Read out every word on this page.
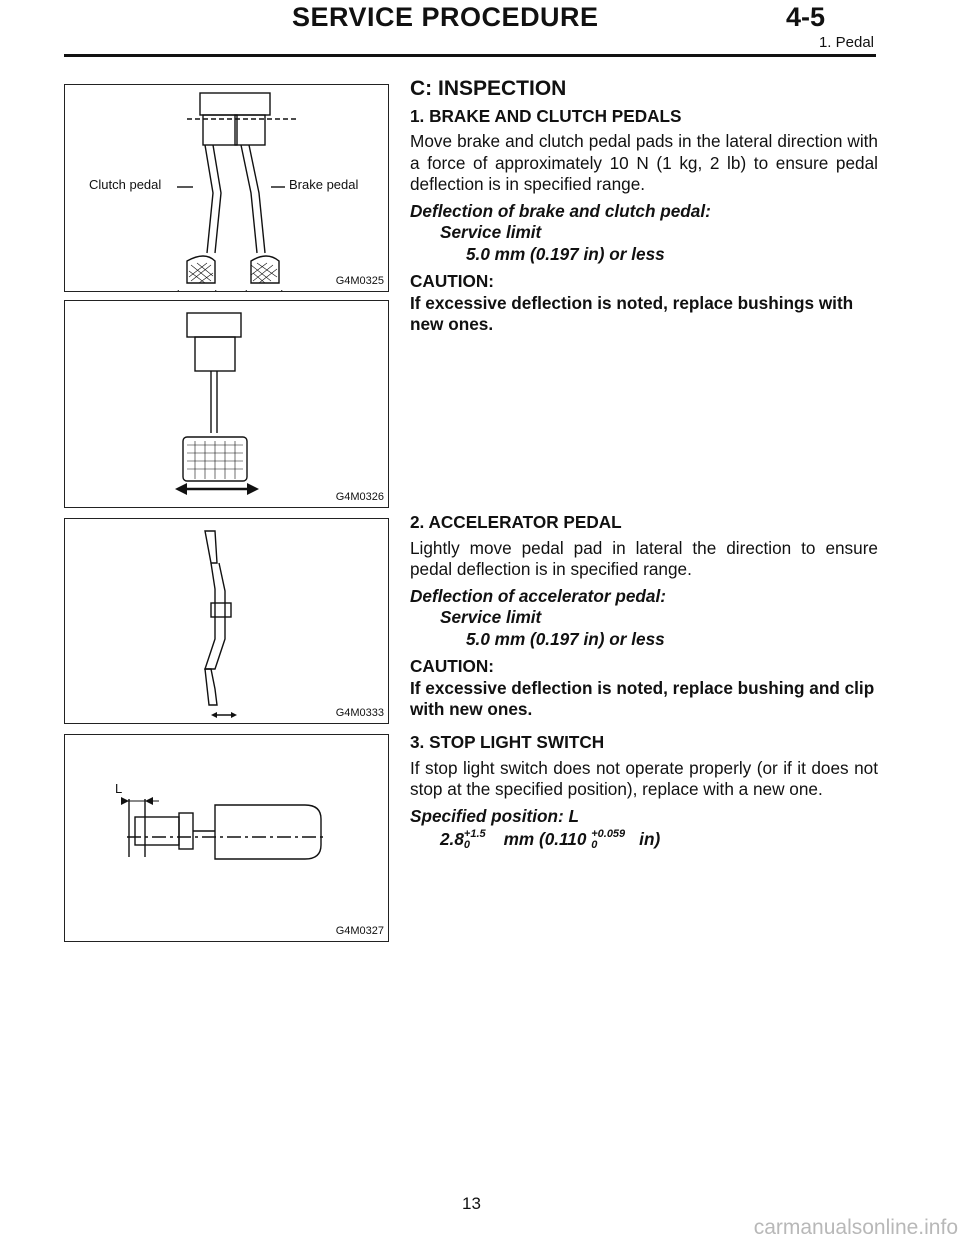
SERVICE PROCEDURE	4-5
1. Pedal
Clutch pedal	Brake pedal
G4M0325
G4M0326
G4M0333
L
G4M0327
C: INSPECTION
1. BRAKE AND CLUTCH PEDALS
Move brake and clutch pedal pads in the lateral direction with a force of approximately 10 N (1 kg, 2 lb) to ensure pedal deflection is in specified range.
Deflection of brake and clutch pedal:
Service limit
5.0 mm (0.197 in) or less
CAUTION:
If excessive deflection is noted, replace bushings with new ones.
2. ACCELERATOR PEDAL
Lightly move pedal pad in lateral the direction to ensure pedal deflection is in specified range.
Deflection of accelerator pedal:
Service limit
5.0 mm (0.197 in) or less
CAUTION:
If excessive deflection is noted, replace bushing and clip with new ones.
3. STOP LIGHT SWITCH
If stop light switch does not operate properly (or if it does not stop at the specified position), replace with a new one.
Specified position: L
2.8 +1.5
0	mm (0.110 +0.059
0	in)
13
carmanualsonline.info
